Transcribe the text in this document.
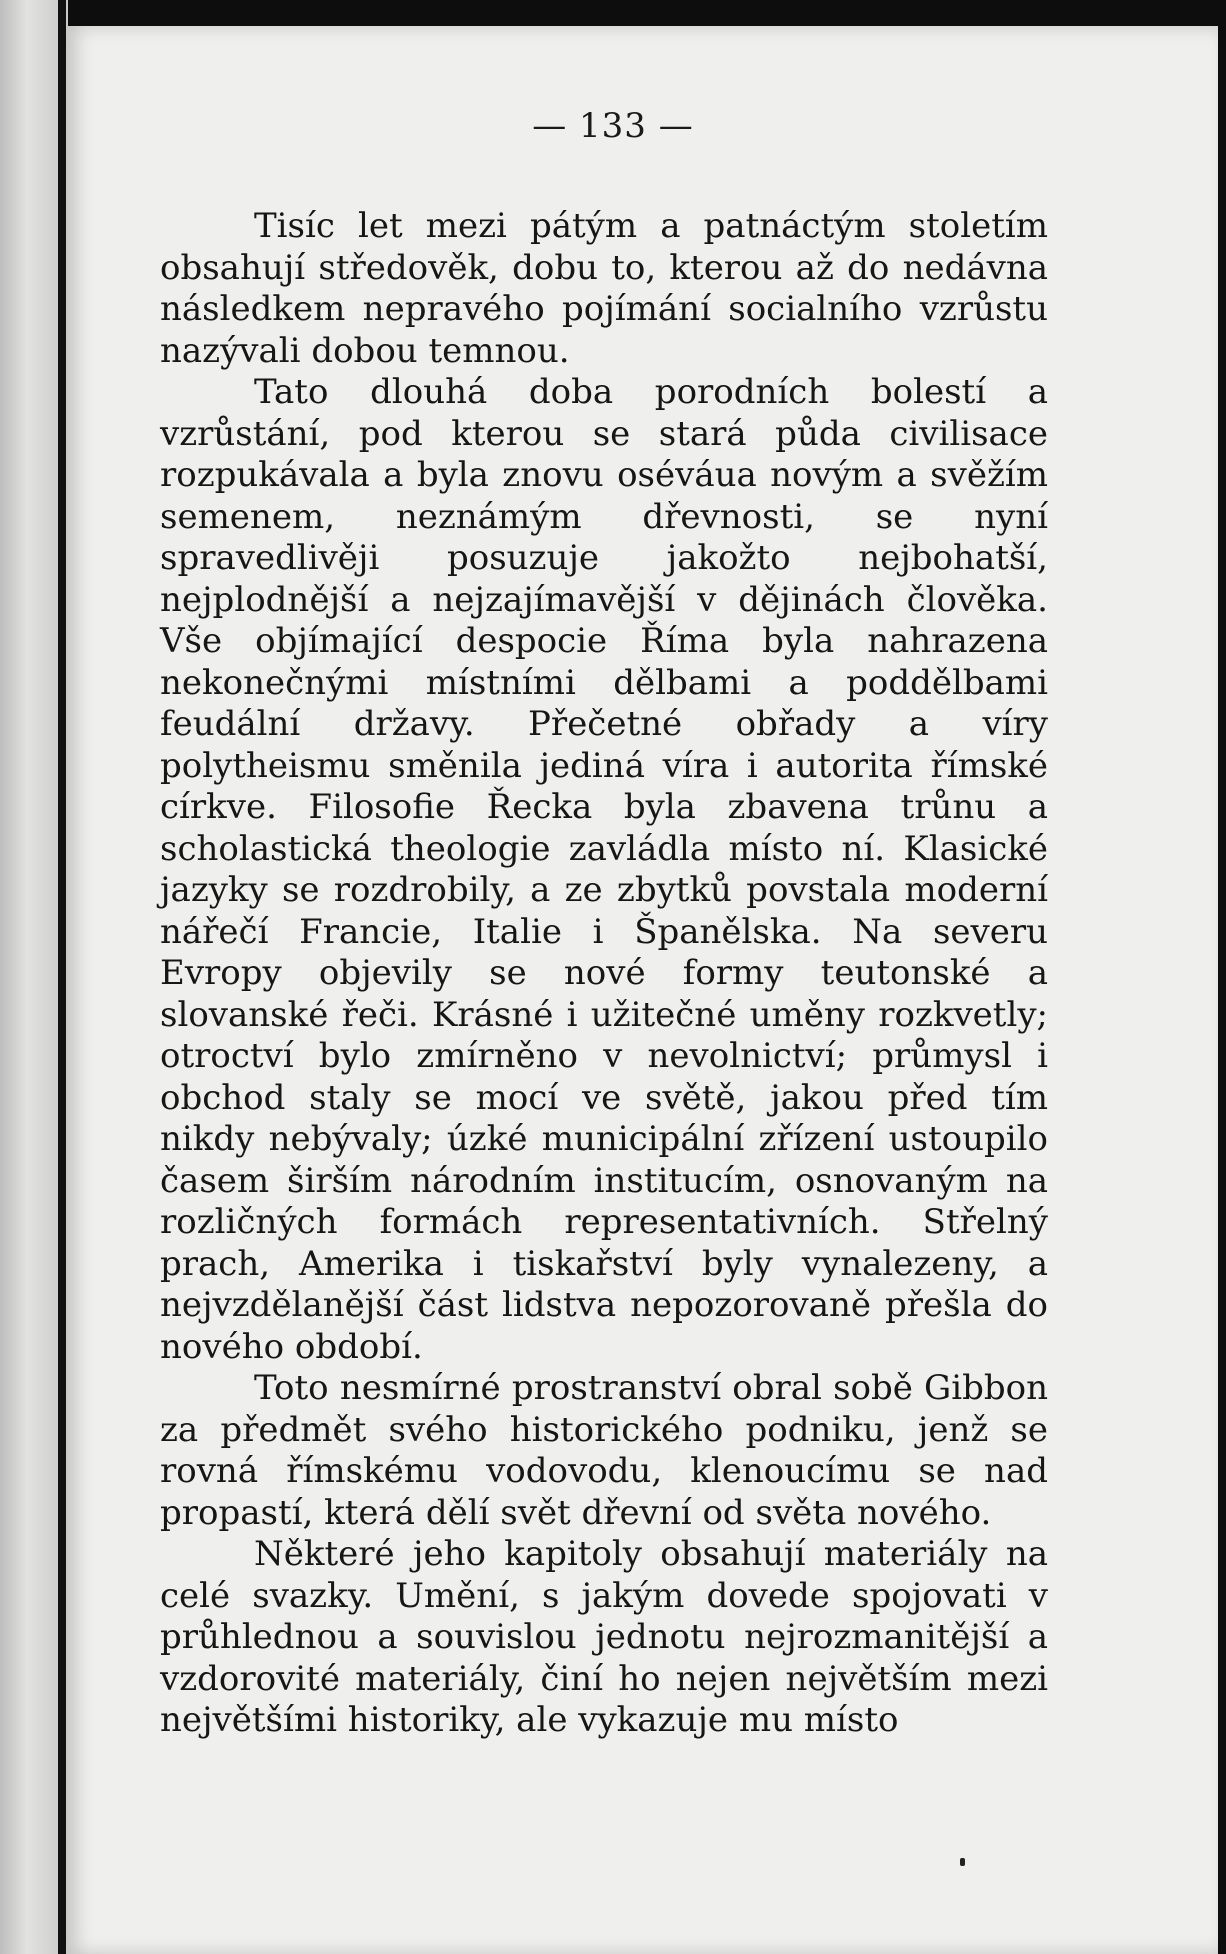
— 133 —

Tisíc let mezi pátým a patnáctým stoletím obsahují středověk, dobu to, kterou až do nedávna následkem nepravého pojímání socialního vzrůstu nazývali dobou temnou.

Tato dlouhá doba porodních bolestí a vzrůstání, pod kterou se stará půda civilisace rozpukávala a byla znovu oséváua novým a svěžím semenem, neznámým dřevnosti, se nyní spravedlivěji posuzuje jakožto nejbohatší, nejplodnější a nejzajímavější v dějinách člověka. Vše objímající despocie Říma byla nahrazena nekonečnými místními dělbami a poddělbami feudální državy. Přečetné obřady a víry polytheismu směnila jediná víra i autorita římské církve. Filosofie Řecka byla zbavena trůnu a scholastická theologie zavládla místo ní. Klasické jazyky se rozdrobily, a ze zbytků povstala moderní nářečí Francie, Italie i Španělska. Na severu Evropy objevily se nové formy teutonské a slovanské řeči. Krásné i užitečné uměny rozkvetly; otroctví bylo zmírněno v nevolnictví; průmysl i obchod staly se mocí ve světě, jakou před tím nikdy nebývaly; úzké municipální zřízení ustoupilo časem širším národním institucím, osnovaným na rozličných formách representativních. Střelný prach, Amerika i tiskařství byly vynalezeny, a nejvzdělanější část lidstva nepozorovaně přešla do nového období.

Toto nesmírné prostranství obral sobě Gibbon za předmět svého historického podniku, jenž se rovná římskému vodovodu, klenoucímu se nad propastí, která dělí svět dřevní od světa nového.

Některé jeho kapitoly obsahují materiály na celé svazky. Umění, s jakým dovede spojovati v průhlednou a souvislou jednotu nejrozmanitější a vzdorovité materiály, činí ho nejen největším mezi největšími historiky, ale vykazuje mu místo
